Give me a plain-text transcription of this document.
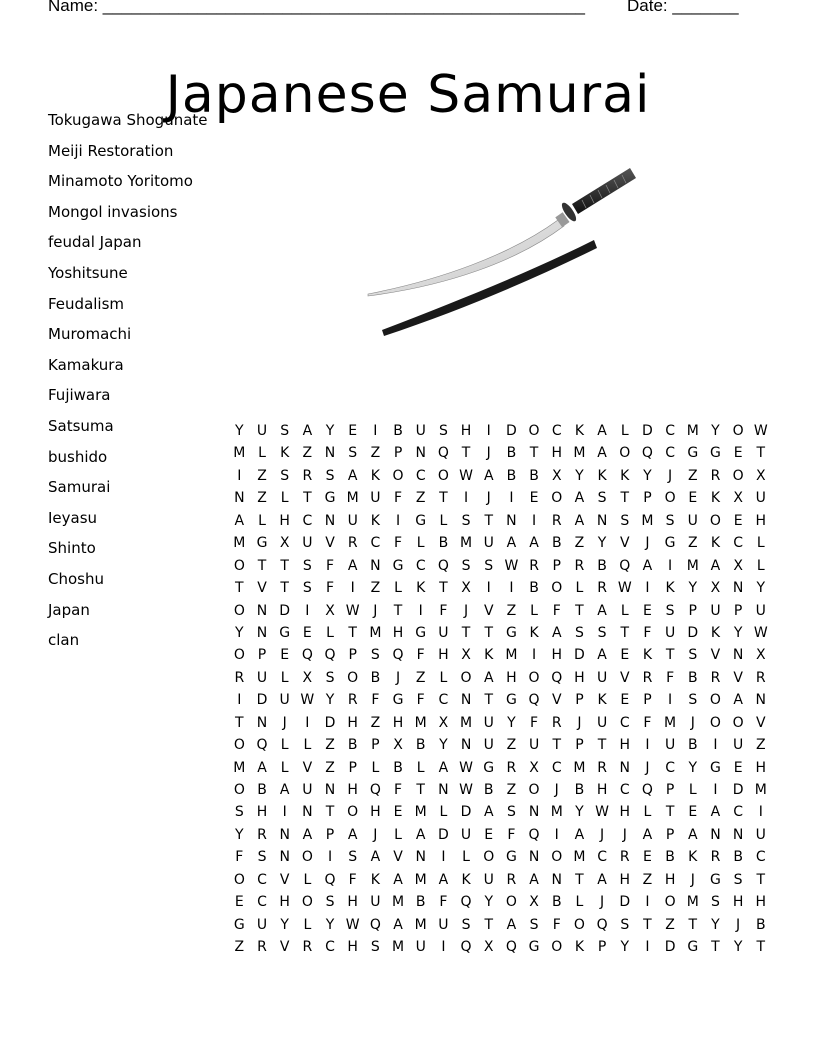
Name: ___________________________________________________ Date: _______
Japanese Samurai
Tokugawa Shogunate
Meiji Restoration
Minamoto Yoritomo
Mongol invasions
feudal Japan
Yoshitsune
Feudalism
Muromachi
Kamakura
Fujiwara
Satsuma
bushido
Samurai
Ieyasu
Shinto
Choshu
Japan
clan
Y U S A Y E	I	B U S H	I	D O C K A L D C M Y O W
M L	K Z N S Z P N Q T	J	B T H M A O Q C G G E T
I	Z S R S A K O C O W A B B X Y K K Y	J	Z R O X
N Z L	T G M U F Z T	I	J	I	E O A S T	P O E K X U
A L H C N U K	I	G L	S T N	I	R A N S M S U O E H
M G X U V R C F	L B M U A A B Z Y V	J	G Z K C L
O T	T S	F A N G C Q S S W R P R B Q A	I	M A X L
T V T S	F	I	Z L	K T X	I	I	B O L R W I	K Y X N Y
O N D	I	X W J	T	I	F	J	V Z L	F	T A L	E S	P U P U
Y N G E	L	T M H G U T	T G K A S S T	F U D K Y W
O P	E Q Q P	S Q F H X K M	I	H D A E K T S V N X
R U L X S O B	J	Z L O A H O Q H U V R F B R V R
I	D U W Y R F G F C N T G Q V P K E	P	I	S O A N
T N	J	I	D H Z H M X M U Y	F R	J	U C F M	J	O O V
O Q L	L Z B P X B Y N U Z U T	P	T H	I	U B	I	U Z
M A L V Z P	L B L A W G R X C M R N	J	C Y G E H
O B A U N H Q F	T N W B Z O	J	B H C Q P	L	I	D M
S H	I	N T O H E M L D A S N M Y W H L	T E A C	I
Y R N A P A	J	L A D U E	F Q	I	A	J	J	A P A N N U
F	S N O	I	S A V N	I	L O G N O M C R E B K R B C
O C V L Q F	K A M A K U R A N T A H Z H	J	G S T
E C H O S H U M B F Q Y O X B L	J	D	I	O M S H H
G U Y	L	Y W Q A M U S T A S	F O Q S T Z T	Y	J	B
Z R V R C H S M U	I	Q X Q G O K P	Y	I	D G T	Y	T
